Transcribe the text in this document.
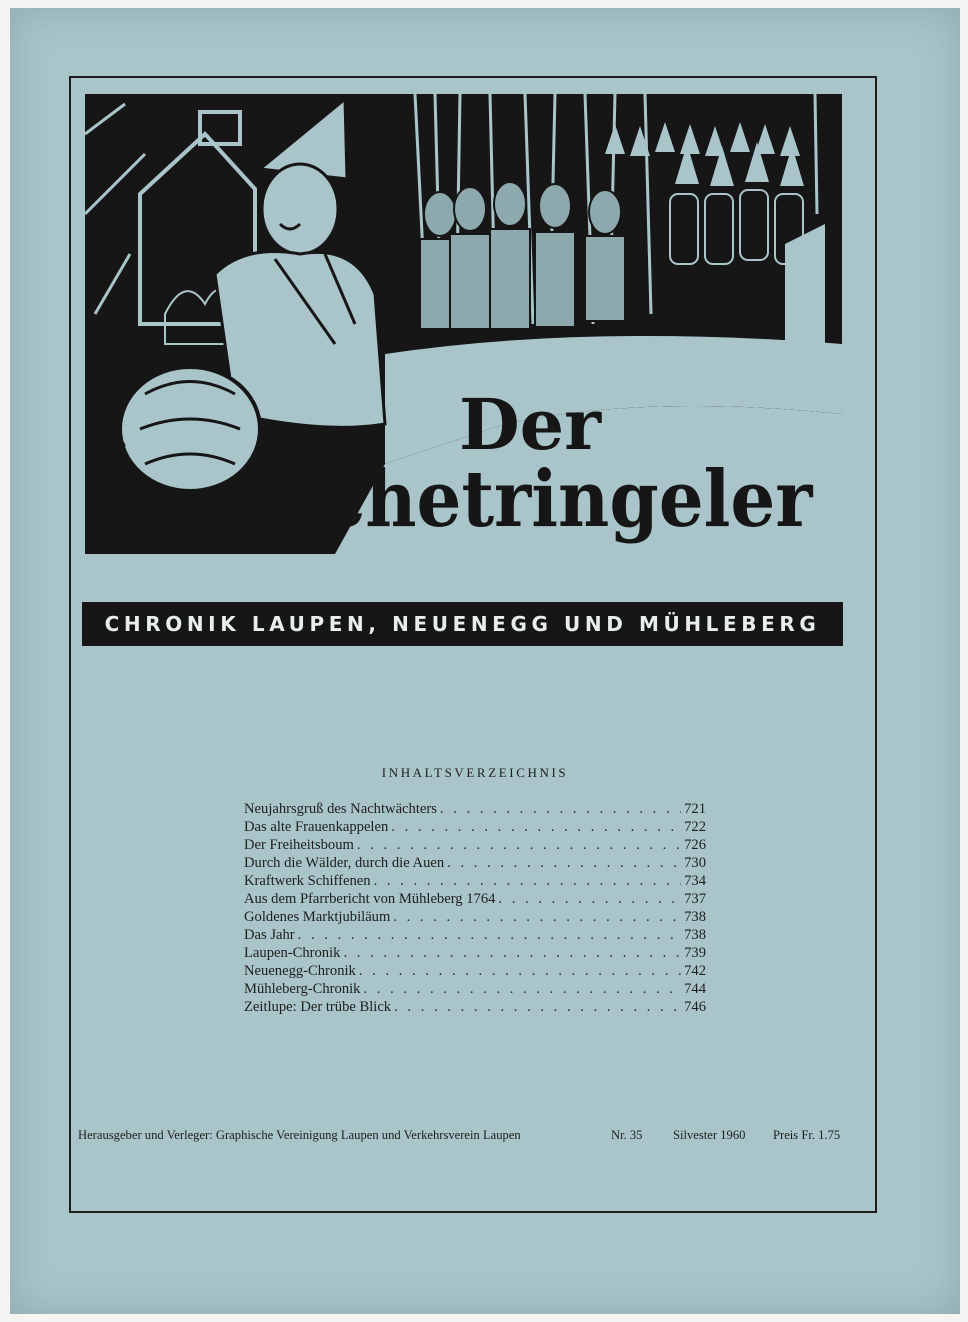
Der
Achetringeler
CHRONIK LAUPEN, NEUENEGG UND MÜHLEBERG
INHALTSVERZEICHNIS
Neujahrsgruß des Nachtwächters . . .	721
Das alte Frauenkappelen . . .	722
Der Freiheitsboum . . .	726
Durch die Wälder, durch die Auen . . .	730
Kraftwerk Schiffenen . . .	734
Aus dem Pfarrbericht von Mühleberg 1764 . . .	737
Goldenes Marktjubiläum . . .	738
Das Jahr . . .	738
Laupen-Chronik . . .	739
Neuenegg-Chronik . . .	742
Mühleberg-Chronik . . .	744
Zeitlupe: Der trübe Blick . . .	746
Herausgeber und Verleger: Graphische Vereinigung Laupen und Verkehrsverein Laupen	Nr. 35 Silvester 1960 Preis Fr. 1.75
